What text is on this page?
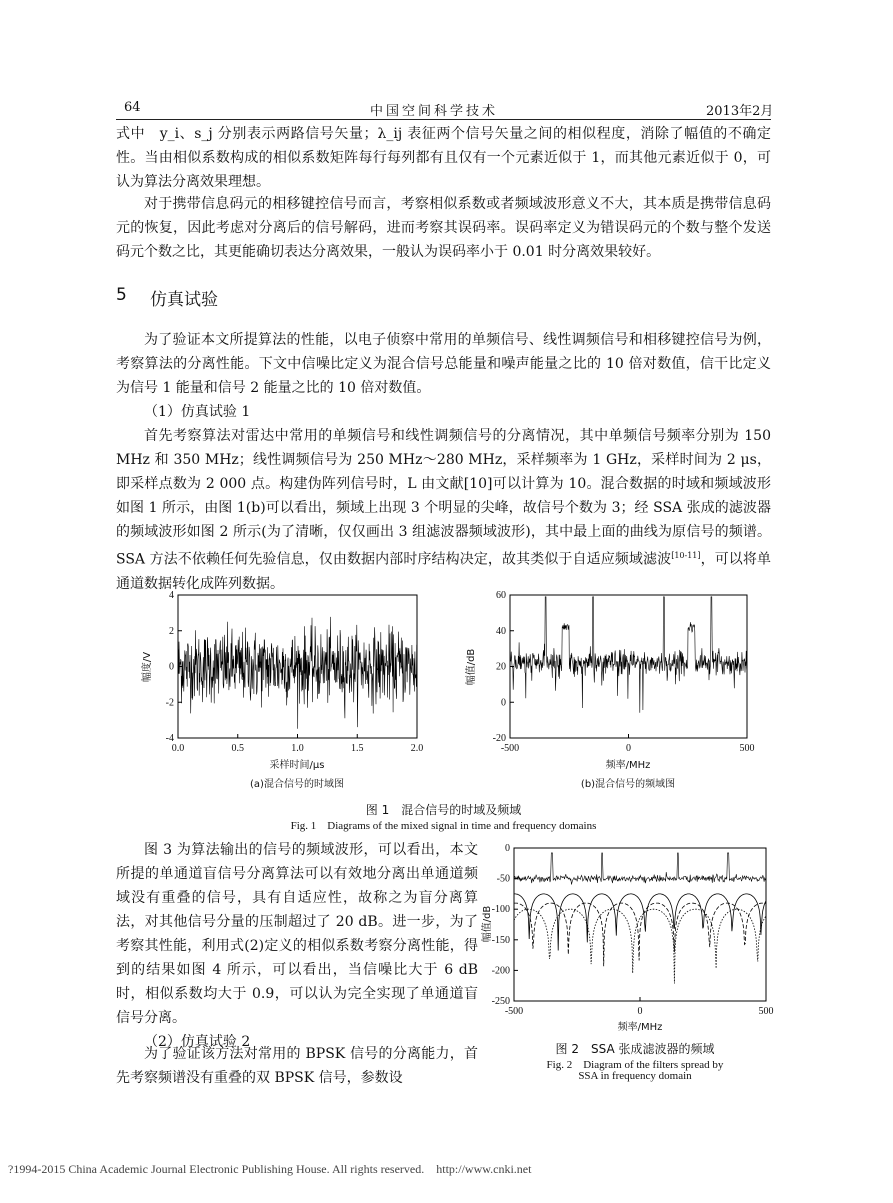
64	中国空间科学技术	2013年2月

式中　y_i、s_j 分别表示两路信号矢量；λ_ij 表征两个信号矢量之间的相似程度，消除了幅值的不确定性。当由相似系数构成的相似系数矩阵每行每列都有且仅有一个元素近似于 1，而其他元素近似于 0，可认为算法分离效果理想。

对于携带信息码元的相移键控信号而言，考察相似系数或者频域波形意义不大，其本质是携带信息码元的恢复，因此考虑对分离后的信号解码，进而考察其误码率。误码率定义为错误码元的个数与整个发送码元个数之比，其更能确切表达分离效果，一般认为误码率小于 0.01 时分离效果较好。

5 仿真试验

为了验证本文所提算法的性能，以电子侦察中常用的单频信号、线性调频信号和相移键控信号为例，考察算法的分离性能。下文中信噪比定义为混合信号总能量和噪声能量之比的 10 倍对数值，信干比定义为信号 1 能量和信号 2 能量之比的 10 倍对数值。

（1）仿真试验 1

首先考察算法对雷达中常用的单频信号和线性调频信号的分离情况，其中单频信号频率分别为 150 MHz 和 350 MHz；线性调频信号为 250 MHz～280 MHz，采样频率为 1 GHz，采样时间为 2 μs，即采样点数为 2 000 点。构建伪阵列信号时，L 由文献[10]可以计算为 10。混合数据的时域和频域波形如图 1 所示，由图 1(b)可以看出，频域上出现 3 个明显的尖峰，故信号个数为 3；经 SSA 张成的滤波器的频域波形如图 2 所示(为了清晰，仅仅画出 3 组滤波器频域波形)，其中最上面的曲线为原信号的频谱。SSA 方法不依赖任何先验信息，仅由数据内部时序结构决定，故其类似于自适应频域滤波[10-11]，可以将单通道数据转化成阵列数据。

0.0	0.5	1.0	1.5	2.0
4
2
0
-2
-4
幅度/V
采样时间/μs
(a)混合信号的时域图
-500	0	500
60
40
20
0
-20
幅值/dB
频率/MHz
(b)混合信号的频域图
图 1　混合信号的时域及频域
Fig. 1　Diagrams of the mixed signal in time and frequency domains

图 3 为算法输出的信号的频域波形，可以看出，本文所提的单通道盲信号分离算法可以有效地分离出单通道频域没有重叠的信号，具有自适应性，故称之为盲分离算法，对其他信号分量的压制超过了 20 dB。进一步，为了考察其性能，利用式(2)定义的相似系数考察分离性能，得到的结果如图 4 所示，可以看出，当信噪比大于 6 dB 时，相似系数均大于 0.9，可以认为完全实现了单通道盲信号分离。

（2）仿真试验 2

为了验证该方法对常用的 BPSK 信号的分离能力，首先考察频谱没有重叠的双 BPSK 信号，参数设

-500	0	500
0
-50
-100
-150
-200
-250
幅值/dB
频率/MHz
图 2　SSA 张成滤波器的频域
Fig. 2　Diagram of the filters spread by
SSA in frequency domain
?1994-2015 China Academic Journal Electronic Publishing House. All rights reserved. http://www.cnki.net
